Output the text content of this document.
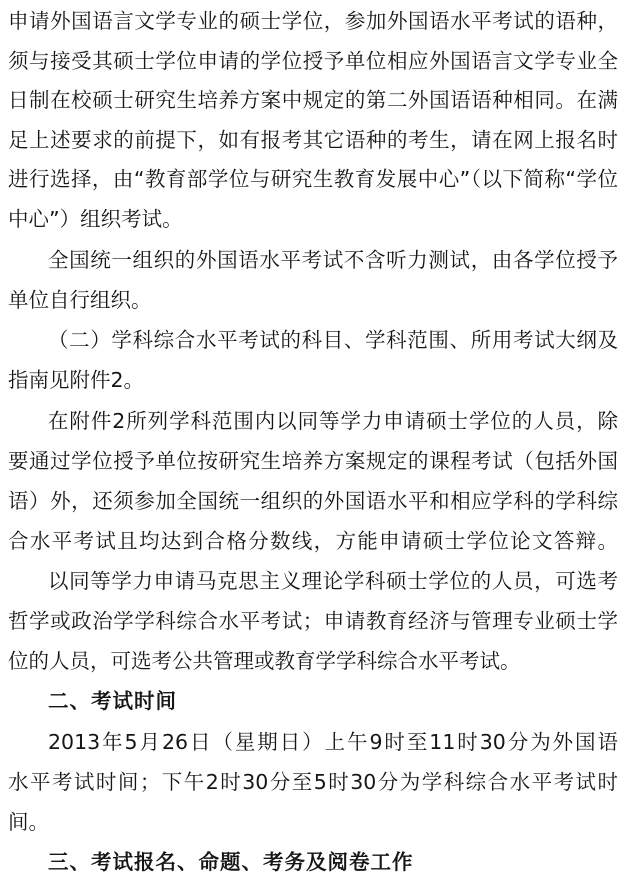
申请外国语言文学专业的硕士学位，参加外国语水平考试的语种，
须与接受其硕士学位申请的学位授予单位相应外国语言文学专业全
日制在校硕士研究生培养方案中规定的第二外国语语种相同。在满
足上述要求的前提下，如有报考其它语种的考生，请在网上报名时
进行选择，由“教育部学位与研究生教育发展中心”（以下简称“学位
中心”）组织考试。
全国统一组织的外国语水平考试不含听力测试，由各学位授予
单位自行组织。
（二）学科综合水平考试的科目、学科范围、所用考试大纲及
指南见附件2。
在附件2所列学科范围内以同等学力申请硕士学位的人员，除
要通过学位授予单位按研究生培养方案规定的课程考试（包括外国
语）外，还须参加全国统一组织的外国语水平和相应学科的学科综
合水平考试且均达到合格分数线，方能申请硕士学位论文答辩。
以同等学力申请马克思主义理论学科硕士学位的人员，可选考
哲学或政治学学科综合水平考试；申请教育经济与管理专业硕士学
位的人员，可选考公共管理或教育学学科综合水平考试。
二、考试时间
2013年5月26日（星期日）上午9时至11时30分为外国语
水平考试时间；下午2时30分至5时30分为学科综合水平考试时
间。
三、考试报名、命题、考务及阅卷工作
